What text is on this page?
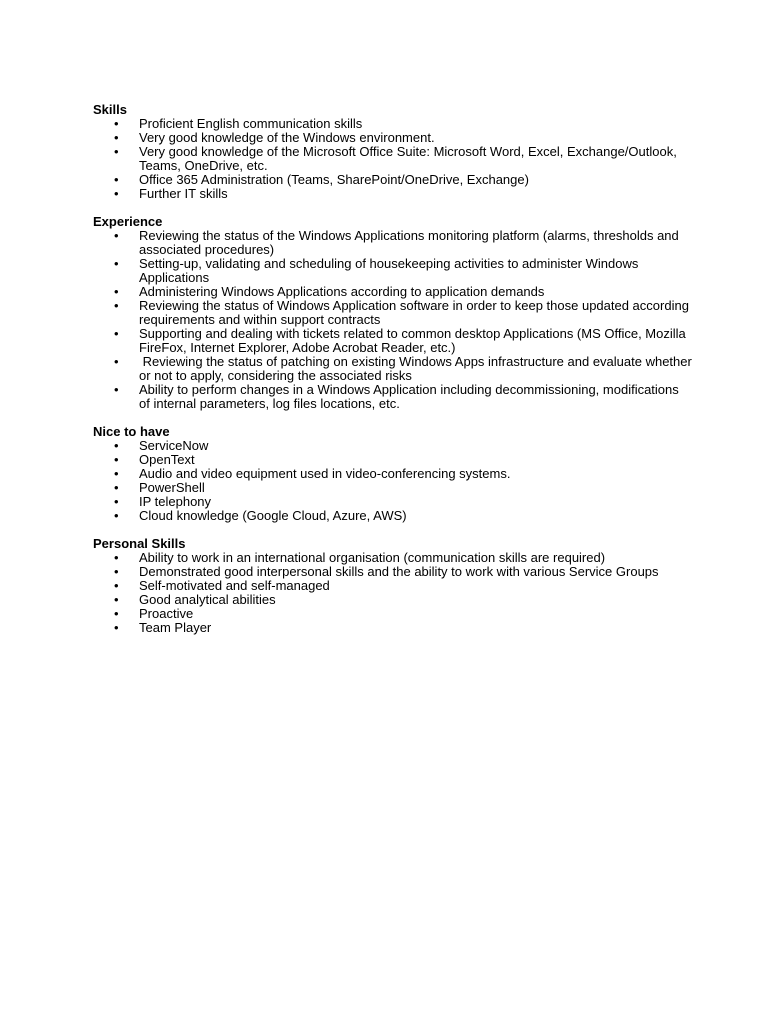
Skills
• Proficient English communication skills
• Very good knowledge of the Windows environment.
• Very good knowledge of the Microsoft Office Suite: Microsoft Word, Excel, Exchange/Outlook, Teams, OneDrive, etc.
• Office 365 Administration (Teams, SharePoint/OneDrive, Exchange)
• Further IT skills
Experience
• Reviewing the status of the Windows Applications monitoring platform (alarms, thresholds and associated procedures)
• Setting-up, validating and scheduling of housekeeping activities to administer Windows Applications
• Administering Windows Applications according to application demands
• Reviewing the status of Windows Application software in order to keep those updated according requirements and within support contracts
• Supporting and dealing with tickets related to common desktop Applications (MS Office, Mozilla FireFox, Internet Explorer, Adobe Acrobat Reader, etc.)
•  Reviewing the status of patching on existing Windows Apps infrastructure and evaluate whether or not to apply, considering the associated risks
• Ability to perform changes in a Windows Application including decommissioning, modifications of internal parameters, log files locations, etc.
Nice to have
• ServiceNow
• OpenText
• Audio and video equipment used in video-conferencing systems.
• PowerShell
• IP telephony
• Cloud knowledge (Google Cloud, Azure, AWS)
Personal Skills
• Ability to work in an international organisation (communication skills are required)
• Demonstrated good interpersonal skills and the ability to work with various Service Groups
• Self-motivated and self-managed
• Good analytical abilities
• Proactive
• Team Player
